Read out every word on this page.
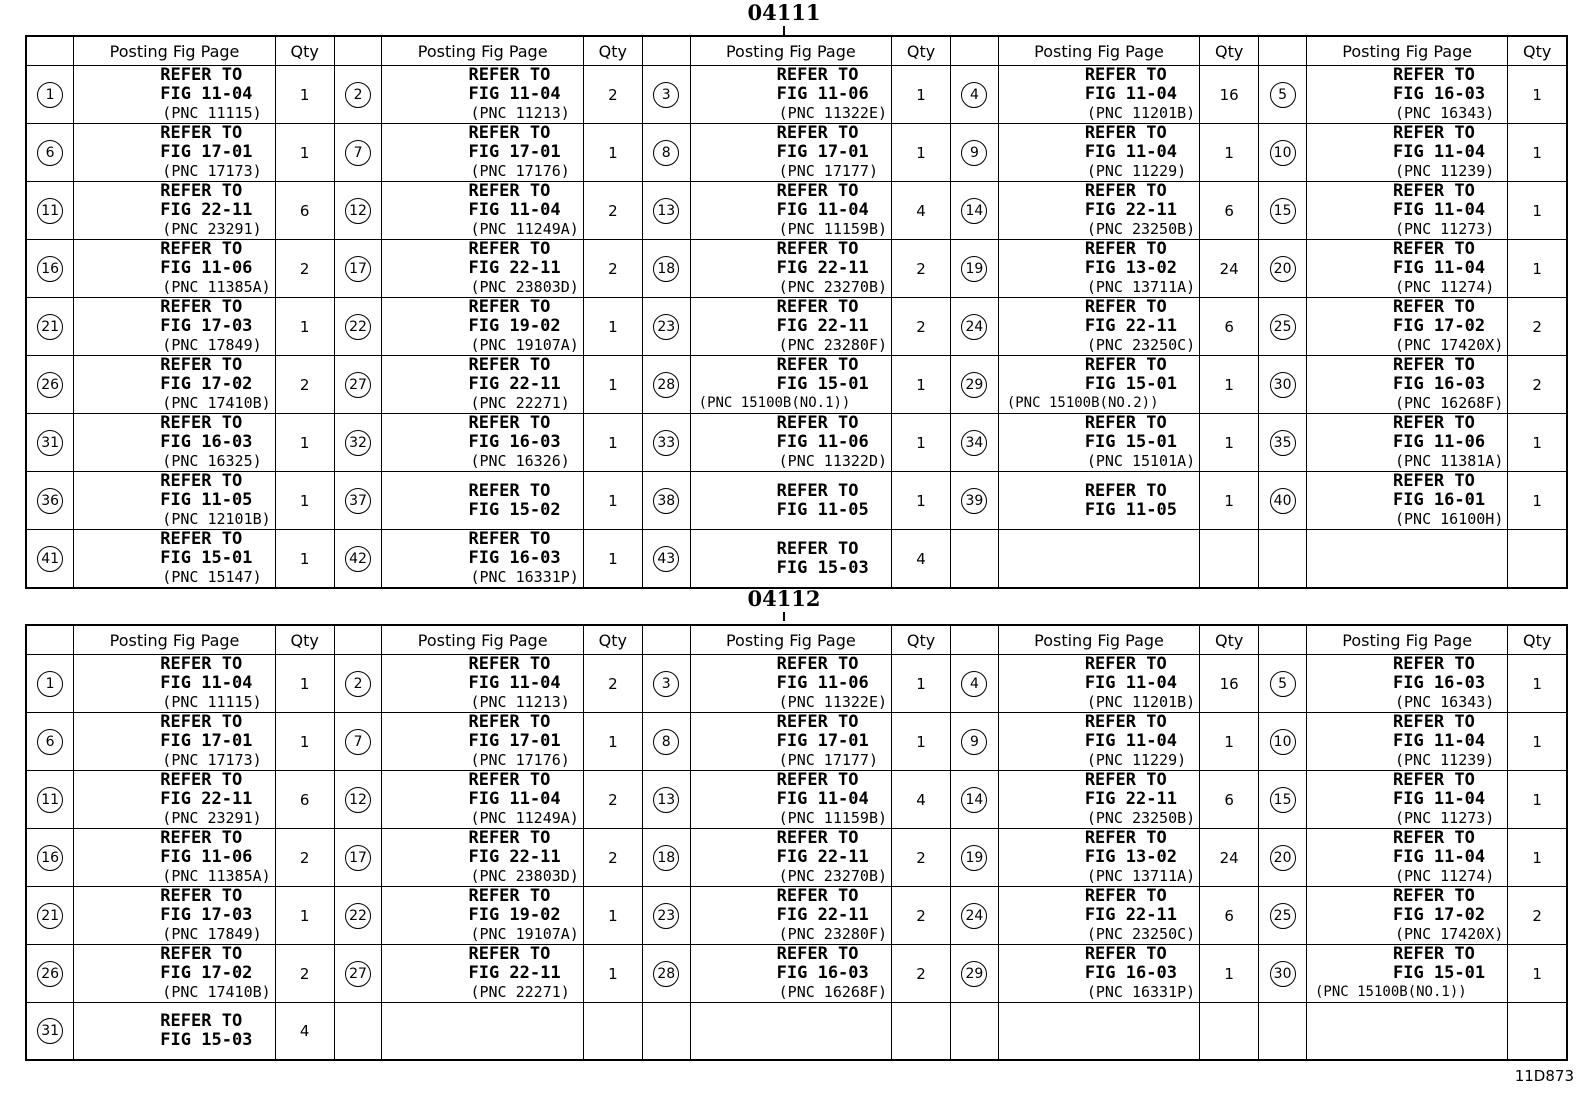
04111
	Posting Fig Page	Qty		Posting Fig Page	Qty		Posting Fig Page	Qty		Posting Fig Page	Qty		Posting Fig Page	Qty
1	REFER TO
FIG 11-04
(PNC 11115)	1	2	REFER TO
FIG 11-04
(PNC 11213)	2	3	REFER TO
FIG 11-06
(PNC 11322E)	1	4	REFER TO
FIG 11-04
(PNC 11201B)	16	5	REFER TO
FIG 16-03
(PNC 16343)	1
6	REFER TO
FIG 17-01
(PNC 17173)	1	7	REFER TO
FIG 17-01
(PNC 17176)	1	8	REFER TO
FIG 17-01
(PNC 17177)	1	9	REFER TO
FIG 11-04
(PNC 11229)	1	10	REFER TO
FIG 11-04
(PNC 11239)	1
11	REFER TO
FIG 22-11
(PNC 23291)	6	12	REFER TO
FIG 11-04
(PNC 11249A)	2	13	REFER TO
FIG 11-04
(PNC 11159B)	4	14	REFER TO
FIG 22-11
(PNC 23250B)	6	15	REFER TO
FIG 11-04
(PNC 11273)	1
16	REFER TO
FIG 11-06
(PNC 11385A)	2	17	REFER TO
FIG 22-11
(PNC 23803D)	2	18	REFER TO
FIG 22-11
(PNC 23270B)	2	19	REFER TO
FIG 13-02
(PNC 13711A)	24	20	REFER TO
FIG 11-04
(PNC 11274)	1
21	REFER TO
FIG 17-03
(PNC 17849)	1	22	REFER TO
FIG 19-02
(PNC 19107A)	1	23	REFER TO
FIG 22-11
(PNC 23280F)	2	24	REFER TO
FIG 22-11
(PNC 23250C)	6	25	REFER TO
FIG 17-02
(PNC 17420X)	2
26	REFER TO
FIG 17-02
(PNC 17410B)	2	27	REFER TO
FIG 22-11
(PNC 22271)	1	28	REFER TO
FIG 15-01
(PNC 15100B(NO.1))	1	29	REFER TO
FIG 15-01
(PNC 15100B(NO.2))	1	30	REFER TO
FIG 16-03
(PNC 16268F)	2
31	REFER TO
FIG 16-03
(PNC 16325)	1	32	REFER TO
FIG 16-03
(PNC 16326)	1	33	REFER TO
FIG 11-06
(PNC 11322D)	1	34	REFER TO
FIG 15-01
(PNC 15101A)	1	35	REFER TO
FIG 11-06
(PNC 11381A)	1
36	REFER TO
FIG 11-05
(PNC 12101B)	1	37	REFER TO
FIG 15-02	1	38	REFER TO
FIG 11-05	1	39	REFER TO
FIG 11-05	1	40	REFER TO
FIG 16-01
(PNC 16100H)	1
41	REFER TO
FIG 15-01
(PNC 15147)	1	42	REFER TO
FIG 16-03
(PNC 16331P)	1	43	REFER TO
FIG 15-03	4						
04112
	Posting Fig Page	Qty		Posting Fig Page	Qty		Posting Fig Page	Qty		Posting Fig Page	Qty		Posting Fig Page	Qty
1	REFER TO
FIG 11-04
(PNC 11115)	1	2	REFER TO
FIG 11-04
(PNC 11213)	2	3	REFER TO
FIG 11-06
(PNC 11322E)	1	4	REFER TO
FIG 11-04
(PNC 11201B)	16	5	REFER TO
FIG 16-03
(PNC 16343)	1
6	REFER TO
FIG 17-01
(PNC 17173)	1	7	REFER TO
FIG 17-01
(PNC 17176)	1	8	REFER TO
FIG 17-01
(PNC 17177)	1	9	REFER TO
FIG 11-04
(PNC 11229)	1	10	REFER TO
FIG 11-04
(PNC 11239)	1
11	REFER TO
FIG 22-11
(PNC 23291)	6	12	REFER TO
FIG 11-04
(PNC 11249A)	2	13	REFER TO
FIG 11-04
(PNC 11159B)	4	14	REFER TO
FIG 22-11
(PNC 23250B)	6	15	REFER TO
FIG 11-04
(PNC 11273)	1
16	REFER TO
FIG 11-06
(PNC 11385A)	2	17	REFER TO
FIG 22-11
(PNC 23803D)	2	18	REFER TO
FIG 22-11
(PNC 23270B)	2	19	REFER TO
FIG 13-02
(PNC 13711A)	24	20	REFER TO
FIG 11-04
(PNC 11274)	1
21	REFER TO
FIG 17-03
(PNC 17849)	1	22	REFER TO
FIG 19-02
(PNC 19107A)	1	23	REFER TO
FIG 22-11
(PNC 23280F)	2	24	REFER TO
FIG 22-11
(PNC 23250C)	6	25	REFER TO
FIG 17-02
(PNC 17420X)	2
26	REFER TO
FIG 17-02
(PNC 17410B)	2	27	REFER TO
FIG 22-11
(PNC 22271)	1	28	REFER TO
FIG 16-03
(PNC 16268F)	2	29	REFER TO
FIG 16-03
(PNC 16331P)	1	30	REFER TO
FIG 15-01
(PNC 15100B(NO.1))	1
31	REFER TO
FIG 15-03	4												
11D873
